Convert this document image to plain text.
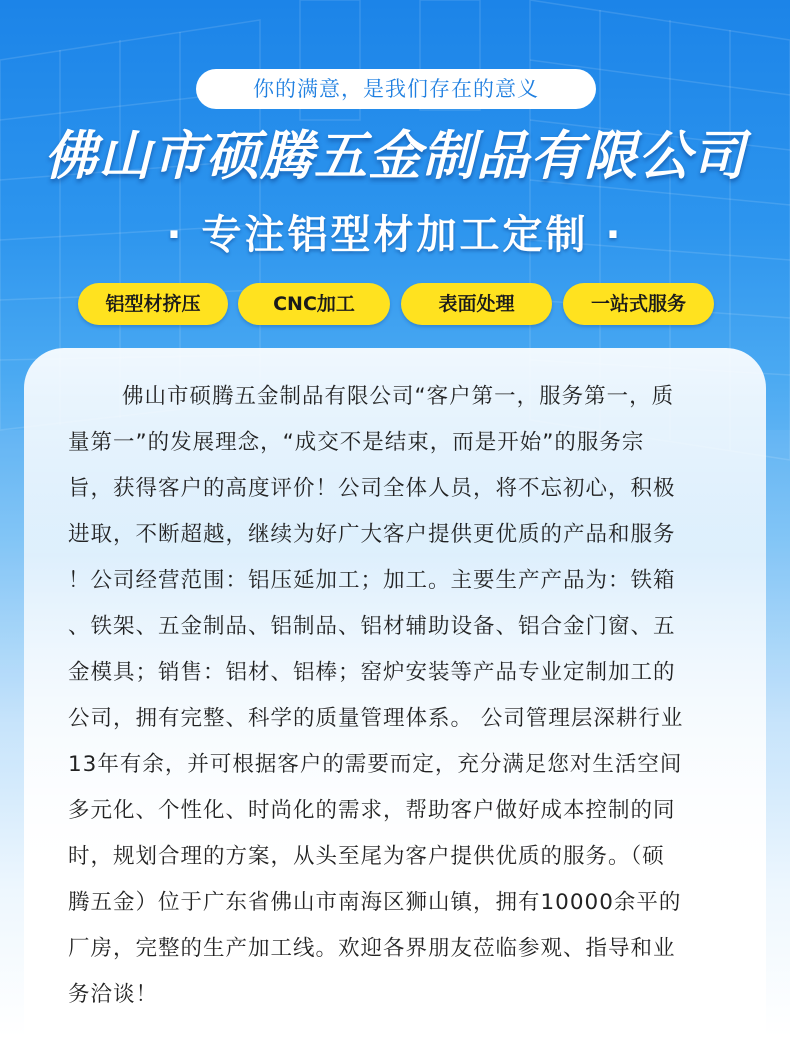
你的满意，是我们存在的意义
佛山市硕腾五金制品有限公司
· 专注铝型材加工定制 ·
铝型材挤压	CNC加工	表面处理	一站式服务
佛山市硕腾五金制品有限公司“客户第一，服务第一，质
量第一”的发展理念，“成交不是结束，而是开始”的服务宗
旨，获得客户的高度评价！公司全体人员，将不忘初心，积极
进取，不断超越，继续为好广大客户提供更优质的产品和服务
！公司经营范围：铝压延加工；加工。主要生产产品为：铁箱
、铁架、五金制品、铝制品、铝材辅助设备、铝合金门窗、五
金模具；销售：铝材、铝棒；窑炉安装等产品专业定制加工的
公司，拥有完整、科学的质量管理体系。 公司管理层深耕行业
13年有余，并可根据客户的需要而定，充分满足您对生活空间
多元化、个性化、时尚化的需求，帮助客户做好成本控制的同
时，规划合理的方案，从头至尾为客户提供优质的服务。（硕
腾五金）位于广东省佛山市南海区狮山镇，拥有10000余平的
厂房，完整的生产加工线。欢迎各界朋友莅临参观、指导和业
务洽谈！
